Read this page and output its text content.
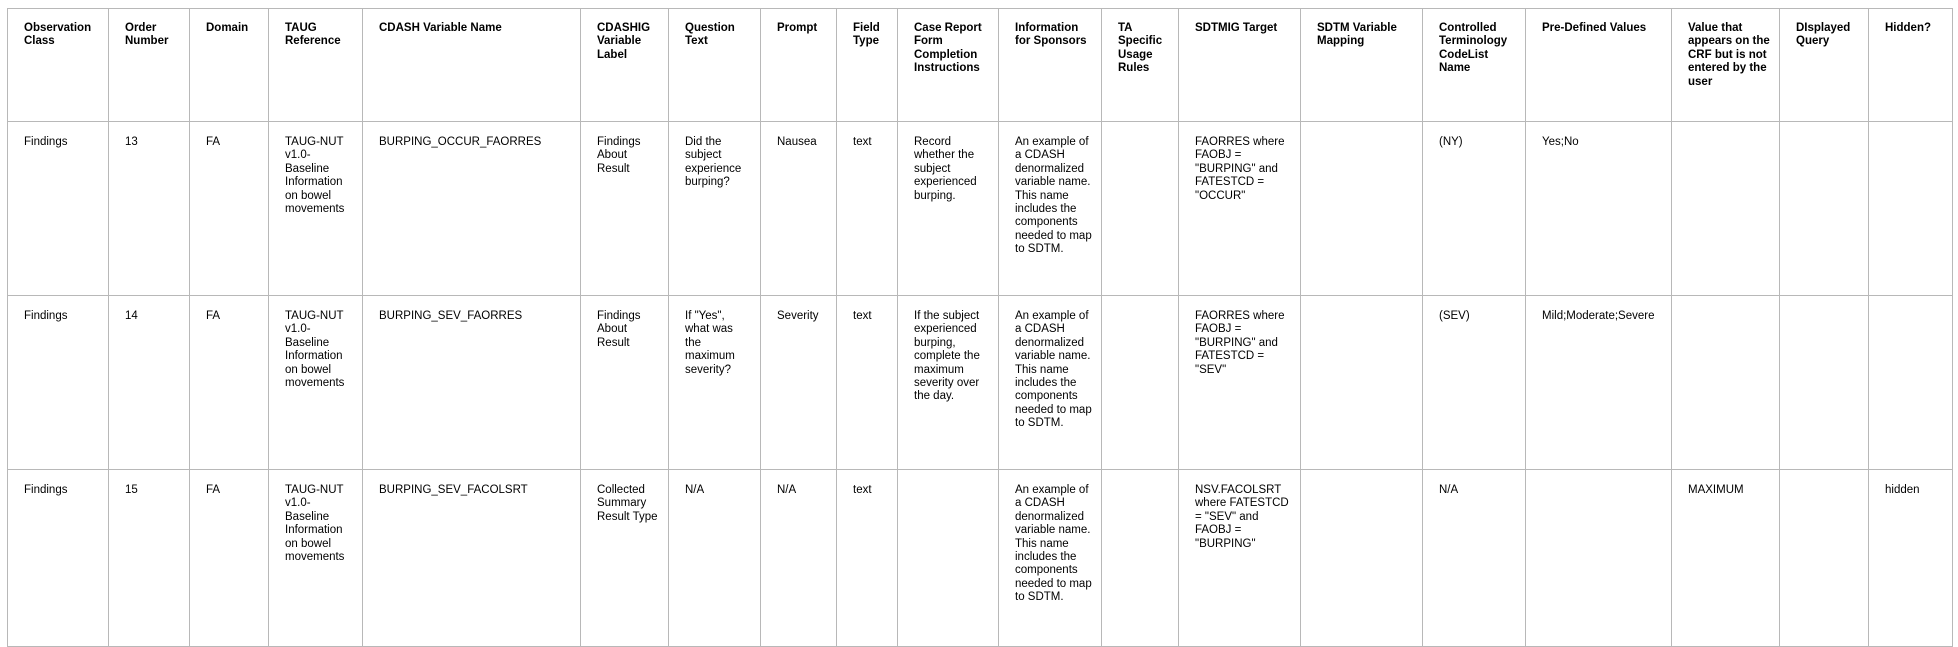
Observation Class	Order Number	Domain	TAUG Reference	CDASH Variable Name	CDASHIG Variable Label	Question Text	Prompt	Field Type	Case Report Form Completion Instructions	Information for Sponsors	TA Specific Usage Rules	SDTMIG Target	SDTM Variable Mapping	Controlled Terminology CodeList Name	Pre-Defined Values	Value that appears on the CRF but is not entered by the user	DIsplayed Query	Hidden?
Findings	13	FA	TAUG-NUT v1.0-Baseline Information on bowel movements	BURPING_OCCUR_FAORRES	Findings About Result	Did the subject experience burping?	Nausea	text	Record whether the subject experienced burping.	An example of a CDASH denormalized variable name. This name includes the components needed to map to SDTM.		FAORRES where FAOBJ = "BURPING" and FATESTCD = "OCCUR"		(NY)	Yes;No			
Findings	14	FA	TAUG-NUT v1.0-Baseline Information on bowel movements	BURPING_SEV_FAORRES	Findings About Result	If "Yes", what was the maximum severity?	Severity	text	If the subject experienced burping, complete the maximum severity over the day.	An example of a CDASH denormalized variable name. This name includes the components needed to map to SDTM.		FAORRES where FAOBJ = "BURPING" and FATESTCD = "SEV"		(SEV)	Mild;Moderate;Severe			
Findings	15	FA	TAUG-NUT v1.0-Baseline Information on bowel movements	BURPING_SEV_FACOLSRT	Collected Summary Result Type	N/A	N/A	text		An example of a CDASH denormalized variable name. This name includes the components needed to map to SDTM.		NSV.FACOLSRT where FATESTCD = "SEV" and FAOBJ = "BURPING"		N/A		MAXIMUM		hidden
